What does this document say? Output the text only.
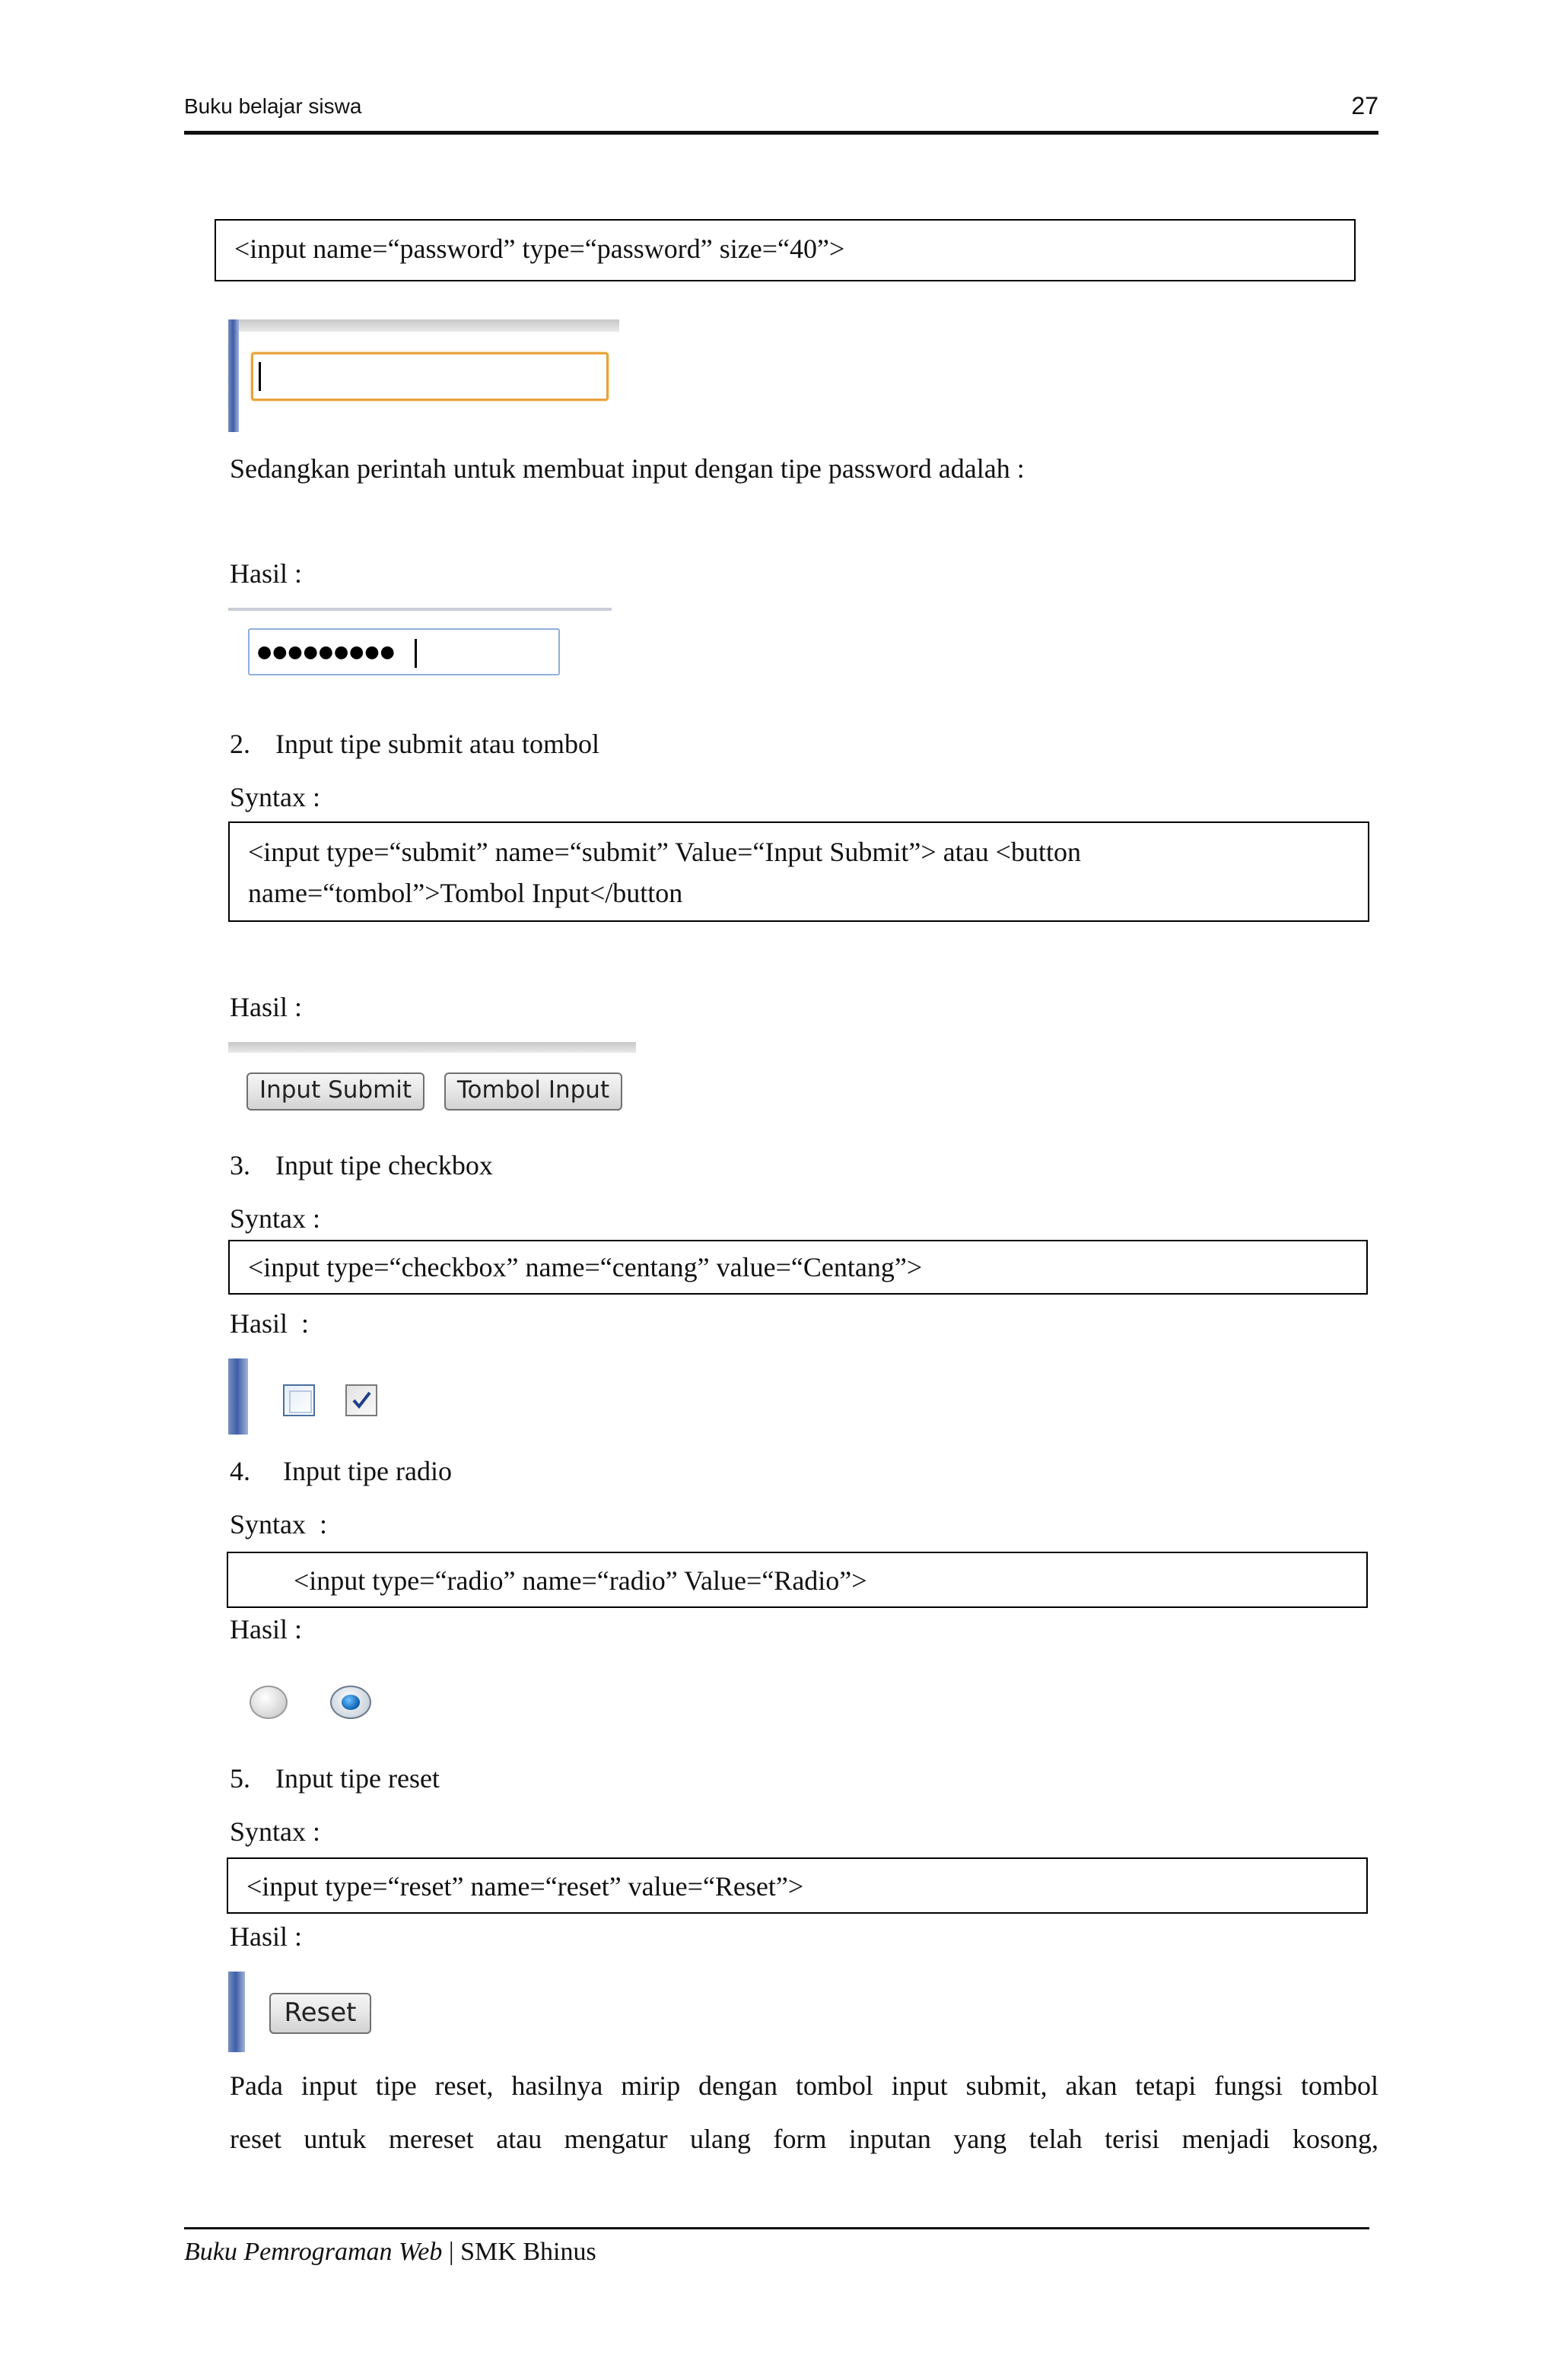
Buku belajar siswa	27
<input name=“password” type=“password” size=“40”>
Sedangkan perintah untuk membuat input dengan tipe password adalah :
Hasil :
●●●●●●●●●
2. Input tipe submit atau tombol
Syntax :
<input type=“submit” name=“submit” Value=“Input Submit”> atau <button
name=“tombol”>Tombol Input</button
Hasil :
Input Submit	Tombol Input
3. Input tipe checkbox
Syntax :
<input type=“checkbox” name=“centang” value=“Centang”>
Hasil  :
4. Input tipe radio
Syntax  :
<input type=“radio” name=“radio” Value=“Radio”>
Hasil :
5. Input tipe reset
Syntax :
<input type=“reset” name=“reset” value=“Reset”>
Hasil :
Reset
Pada input tipe reset, hasilnya mirip dengan tombol input submit, akan tetapi fungsi tombol
reset untuk mereset atau mengatur ulang form inputan yang telah terisi menjadi kosong,
Buku Pemrograman Web | SMK Bhinus
